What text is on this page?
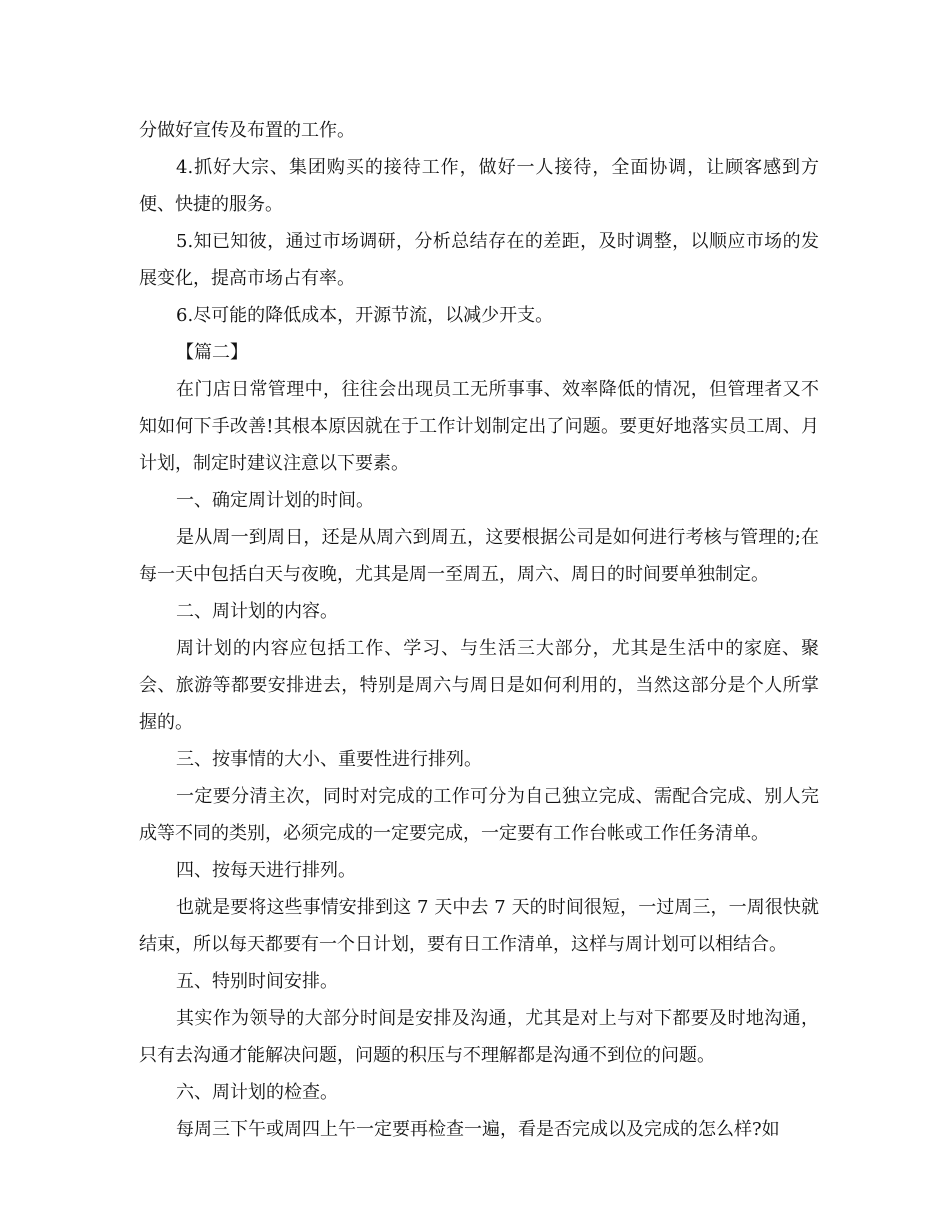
分做好宣传及布置的工作。

4.抓好大宗、集团购买的接待工作，做好一人接待，全面协调，让顾客感到方便、快捷的服务。

5.知已知彼，通过市场调研，分析总结存在的差距，及时调整，以顺应市场的发展变化，提高市场占有率。

6.尽可能的降低成本，开源节流，以减少开支。

【篇二】

在门店日常管理中，往往会出现员工无所事事、效率降低的情况，但管理者又不知如何下手改善!其根本原因就在于工作计划制定出了问题。要更好地落实员工周、月计划，制定时建议注意以下要素。

一、确定周计划的时间。

是从周一到周日，还是从周六到周五，这要根据公司是如何进行考核与管理的;在每一天中包括白天与夜晚，尤其是周一至周五，周六、周日的时间要单独制定。

二、周计划的内容。

周计划的内容应包括工作、学习、与生活三大部分，尤其是生活中的家庭、聚会、旅游等都要安排进去，特别是周六与周日是如何利用的，当然这部分是个人所掌握的。

三、按事情的大小、重要性进行排列。

一定要分清主次，同时对完成的工作可分为自己独立完成、需配合完成、别人完成等不同的类别，必须完成的一定要完成，一定要有工作台帐或工作任务清单。

四、按每天进行排列。

也就是要将这些事情安排到这 7 天中去 7 天的时间很短，一过周三，一周很快就结束，所以每天都要有一个日计划，要有日工作清单，这样与周计划可以相结合。

五、特别时间安排。

其实作为领导的大部分时间是安排及沟通，尤其是对上与对下都要及时地沟通，只有去沟通才能解决问题，问题的积压与不理解都是沟通不到位的问题。

六、周计划的检查。

每周三下午或周四上午一定要再检查一遍，看是否完成以及完成的怎么样?如
